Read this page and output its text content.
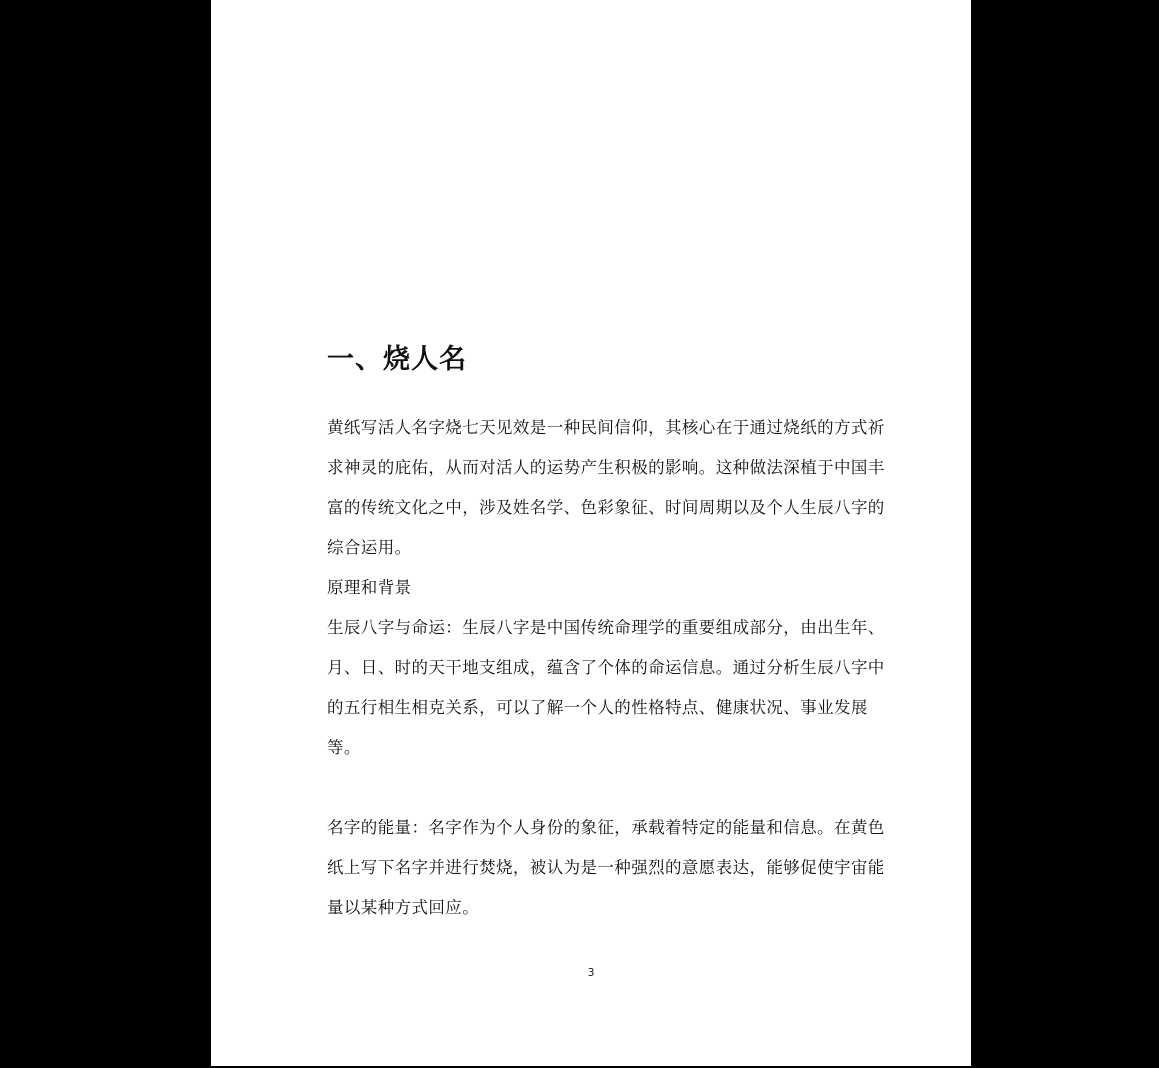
一、烧人名

黄纸写活人名字烧七天见效是一种民间信仰，其核心在于通过烧纸的方式祈求神灵的庇佑，从而对活人的运势产生积极的影响。这种做法深植于中国丰富的传统文化之中，涉及姓名学、色彩象征、时间周期以及个人生辰八字的综合运用。

原理和背景

生辰八字与命运：生辰八字是中国传统命理学的重要组成部分，由出生年、月、日、时的天干地支组成，蕴含了个体的命运信息。通过分析生辰八字中的五行相生相克关系，可以了解一个人的性格特点、健康状况、事业发展等。

名字的能量：名字作为个人身份的象征，承载着特定的能量和信息。在黄色纸上写下名字并进行焚烧，被认为是一种强烈的意愿表达，能够促使宇宙能量以某种方式回应。

3
